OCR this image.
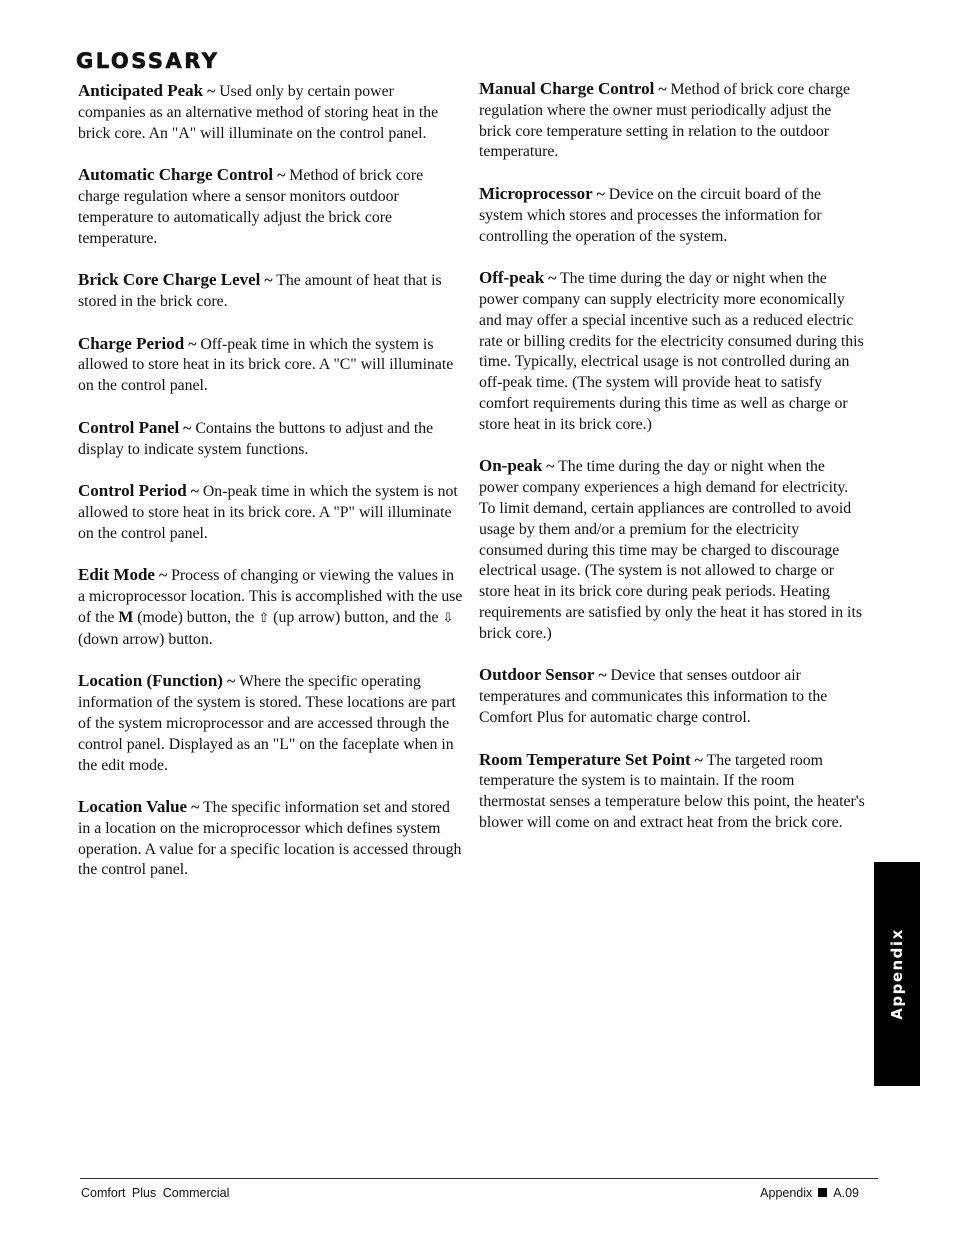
GLOSSARY

Anticipated Peak ~ Used only by certain power companies as an alternative method of storing heat in the brick core. An "A" will illuminate on the control panel.

Automatic Charge Control ~ Method of brick core charge regulation where a sensor monitors outdoor temperature to automatically adjust the brick core temperature.

Brick Core Charge Level ~ The amount of heat that is stored in the brick core.

Charge Period ~ Off-peak time in which the system is allowed to store heat in its brick core. A "C" will illuminate on the control panel.

Control Panel ~ Contains the buttons to adjust and the display to indicate system functions.

Control Period ~ On-peak time in which the system is not allowed to store heat in its brick core. A "P" will illuminate on the control panel.

Edit Mode ~ Process of changing or viewing the values in a microprocessor location. This is accomplished with the use of the M (mode) button, the ⇧ (up arrow) button, and the ⇩ (down arrow) button.

Location (Function) ~ Where the specific operating information of the system is stored. These locations are part of the system microprocessor and are accessed through the control panel. Displayed as an "L" on the faceplate when in the edit mode.

Location Value ~ The specific information set and stored in a location on the microprocessor which defines system operation. A value for a specific location is accessed through the control panel.

Manual Charge Control ~ Method of brick core charge regulation where the owner must periodically adjust the brick core temperature setting in relation to the outdoor temperature.

Microprocessor ~ Device on the circuit board of the system which stores and processes the information for controlling the operation of the system.

Off-peak ~ The time during the day or night when the power company can supply electricity more economically and may offer a special incentive such as a reduced electric rate or billing credits for the electricity consumed during this time. Typically, electrical usage is not controlled during an off-peak time. (The system will provide heat to satisfy comfort requirements during this time as well as charge or store heat in its brick core.)

On-peak ~ The time during the day or night when the power company experiences a high demand for electricity. To limit demand, certain appliances are controlled to avoid usage by them and/or a premium for the electricity consumed during this time may be charged to discourage electrical usage. (The system is not allowed to charge or store heat in its brick core during peak periods. Heating requirements are satisfied by only the heat it has stored in its brick core.)

Outdoor Sensor ~ Device that senses outdoor air temperatures and communicates this information to the Comfort Plus for automatic charge control.

Room Temperature Set Point ~ The targeted room temperature the system is to maintain. If the room thermostat senses a temperature below this point, the heater's blower will come on and extract heat from the brick core.

Appendix
Comfort Plus Commercial	Appendix A.09
